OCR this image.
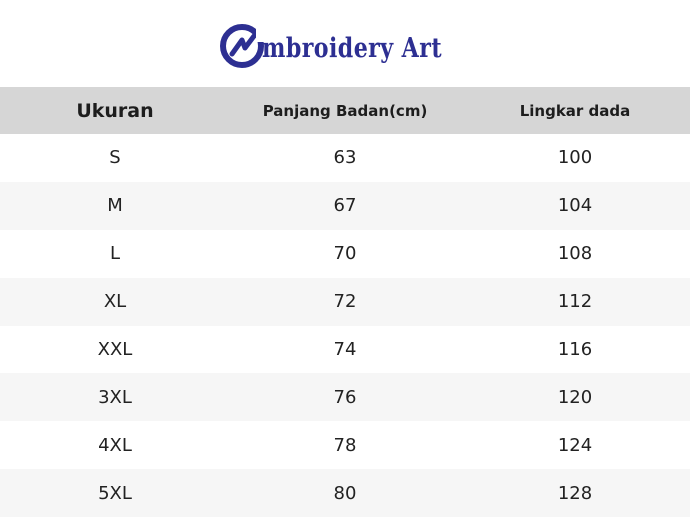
mbroidery Art
Ukuran	Panjang Badan(cm)	Lingkar dada
S	63	100
M	67	104
L	70	108
XL	72	112
XXL	74	116
3XL	76	120
4XL	78	124
5XL	80	128
